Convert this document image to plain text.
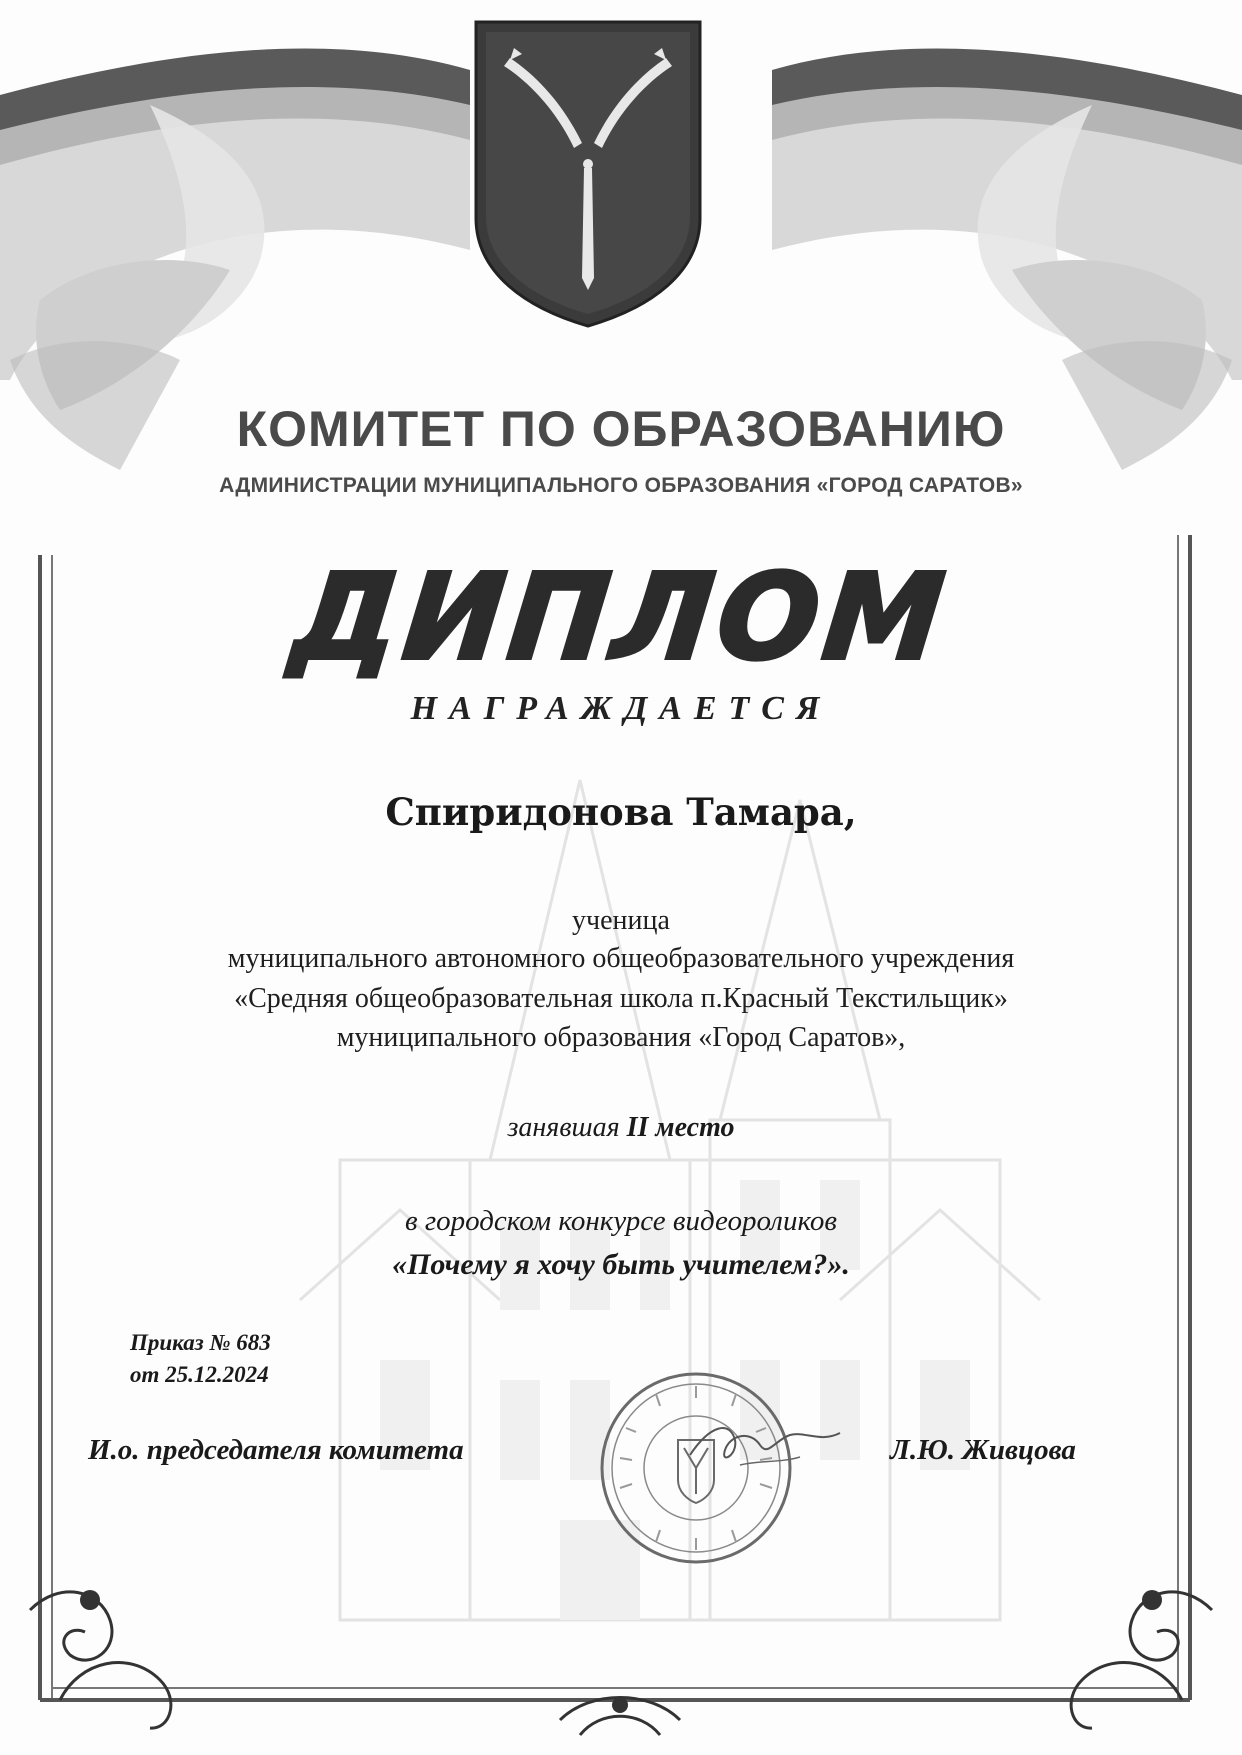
КОМИТЕТ ПО ОБРАЗОВАНИЮ

АДМИНИСТРАЦИИ МУНИЦИПАЛЬНОГО ОБРАЗОВАНИЯ «ГОРОД САРАТОВ»

ДИПЛОМ

НАГРАЖДАЕТСЯ

Спиридонова Тамара,

ученица

муниципального автономного общеобразовательного учреждения

«Средняя общеобразовательная школа п.Красный Текстильщик»

муниципального образования «Город Саратов»,

занявшая II место

в городском конкурсе видеороликов

«Почему я хочу быть учителем?».

Приказ № 683

от 25.12.2024

И.о. председателя комитета	Л.Ю. Живцова
